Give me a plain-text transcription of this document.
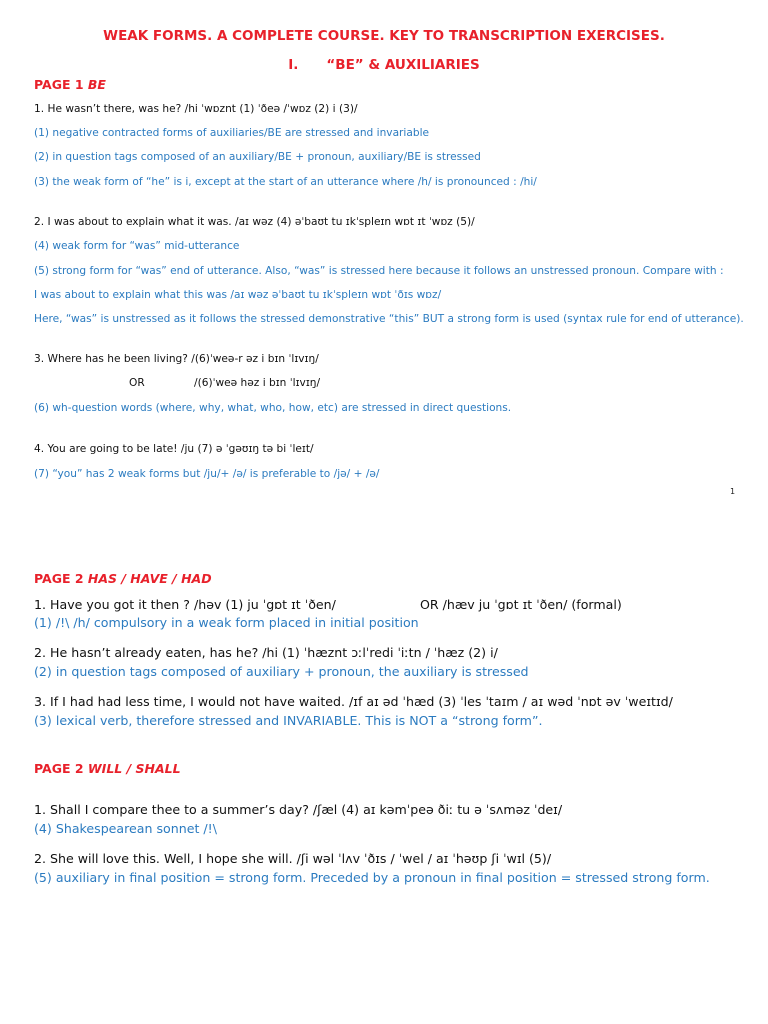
WEAK FORMS. A COMPLETE COURSE. KEY TO TRANSCRIPTION EXERCISES.
I. “BE” & AUXILIARIES
PAGE 1 BE
1. He wasn’t there, was he? /hi ˈwɒznt (1) ˈðeə /ˈwɒz (2) i (3)/
(1) negative contracted forms of auxiliaries/BE are stressed and invariable
(2) in question tags composed of an auxiliary/BE + pronoun, auxiliary/BE is stressed
(3) the weak form of “he” is i, except at the start of an utterance where /h/ is pronounced : /hi/
2. I was about to explain what it was. /aɪ wəz (4) əˈbaʊt tu ɪkˈspleɪn wɒt ɪt ˈwɒz (5)/
(4) weak form for “was” mid-utterance
(5) strong form for “was” end of utterance. Also, “was” is stressed here because it follows an unstressed pronoun. Compare with :
I was about to explain what this was /aɪ wəz əˈbaʊt tu ɪkˈspleɪn wɒt ˈðɪs wɒz/
Here, “was” is unstressed as it follows the stressed demonstrative “this” BUT a strong form is used (syntax rule for end of utterance).
3. Where has he been living? /(6)ˈweə-r əz i bɪn ˈlɪvɪŋ/
OR	/(6)ˈweə həz i bɪn ˈlɪvɪŋ/
(6) wh-question words (where, why, what, who, how, etc) are stressed in direct questions.
4. You are going to be late! /ju (7) ə ˈgəʊɪŋ tə bi ˈleɪt/
(7) “you” has 2 weak forms but /ju/+ /ə/ is preferable to /jə/ + /ə/
1
PAGE 2 HAS / HAVE / HAD
1. Have you got it then ? /həv (1) ju ˈgɒt ɪt ˈðen/	OR /hæv ju ˈgɒt ɪt ˈðen/ (formal)
(1) /!\ /h/ compulsory in a weak form placed in initial position
2. He hasn’t already eaten, has he? /hi (1) ˈhæznt ɔːlˈredi ˈiːtn / ˈhæz (2) i/
(2) in question tags composed of auxiliary + pronoun, the auxiliary is stressed
3. If I had had less time, I would not have waited. /ɪf aɪ əd ˈhæd (3) ˈles ˈtaɪm / aɪ wəd ˈnɒt əv ˈweɪtɪd/
(3) lexical verb, therefore stressed and INVARIABLE. This is NOT a “strong form”.
PAGE 2 WILL / SHALL
1. Shall I compare thee to a summer’s day? /ʃæl (4) aɪ kəmˈpeə ðiː tu ə ˈsʌməz ˈdeɪ/
(4) Shakespearean sonnet /!\
2. She will love this. Well, I hope she will. /ʃi wəl ˈlʌv ˈðɪs / ˈwel / aɪ ˈhəʊp ʃi ˈwɪl (5)/
(5) auxiliary in final position = strong form. Preceded by a pronoun in final position = stressed strong form.
